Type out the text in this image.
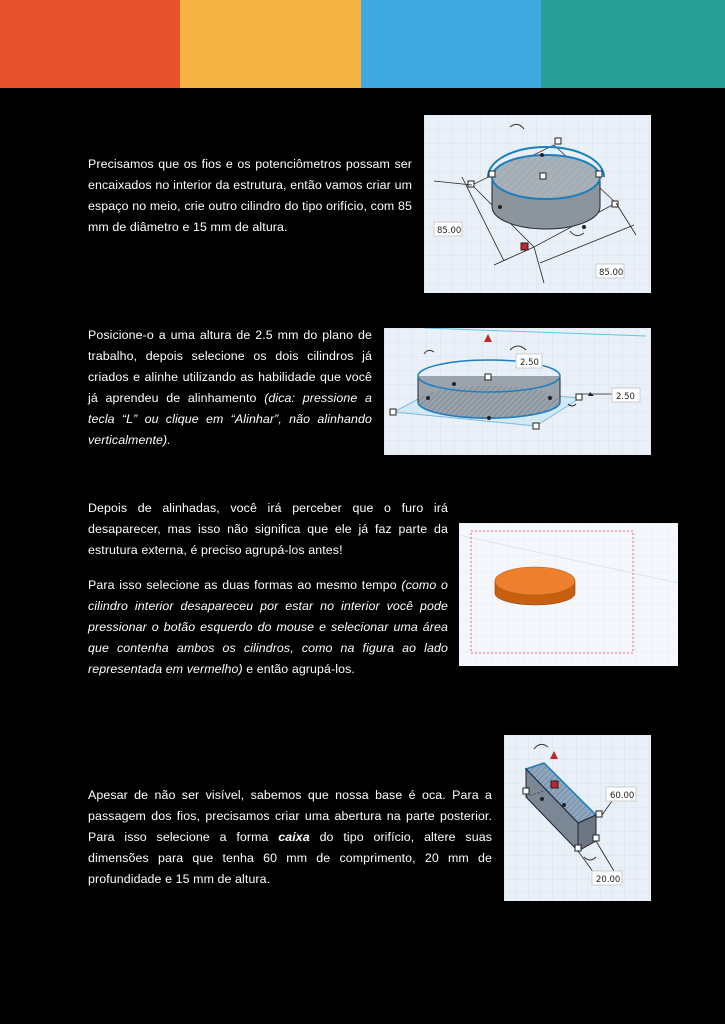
Precisamos que os fios e os potenciômetros possam ser encaixados no interior da estrutura, então vamos criar um espaço no meio, crie outro cilindro do tipo orifício, com 85 mm de diâmetro e 15 mm de altura.	85.00
85.00

Posicione-o a uma altura de 2.5 mm do plano de trabalho, depois selecione os dois cilindros já criados e alinhe utilizando as habilidade que você já aprendeu de alinhamento (dica: pressione a tecla “L” ou clique em “Alinhar”, não alinhando verticalmente).

2.50
2.50

Depois de alinhadas, você irá perceber que o furo irá desaparecer, mas isso não significa que ele já faz parte da estrutura externa, é preciso agrupá-los antes!

Para isso selecione as duas formas ao mesmo tempo (como o cilindro interior desapareceu por estar no interior você pode pressionar o botão esquerdo do mouse e selecionar uma área que contenha ambos os cilindros, como na figura ao lado representada em vermelho) e então agrupá-los.

Apesar de não ser visível, sabemos que nossa base é oca. Para a passagem dos fios, precisamos criar uma abertura na parte posterior. Para isso selecione a forma caixa do tipo orifício, altere suas dimensões para que tenha 60 mm de comprimento, 20 mm de profundidade e 15 mm de altura.

60.00
20.00
